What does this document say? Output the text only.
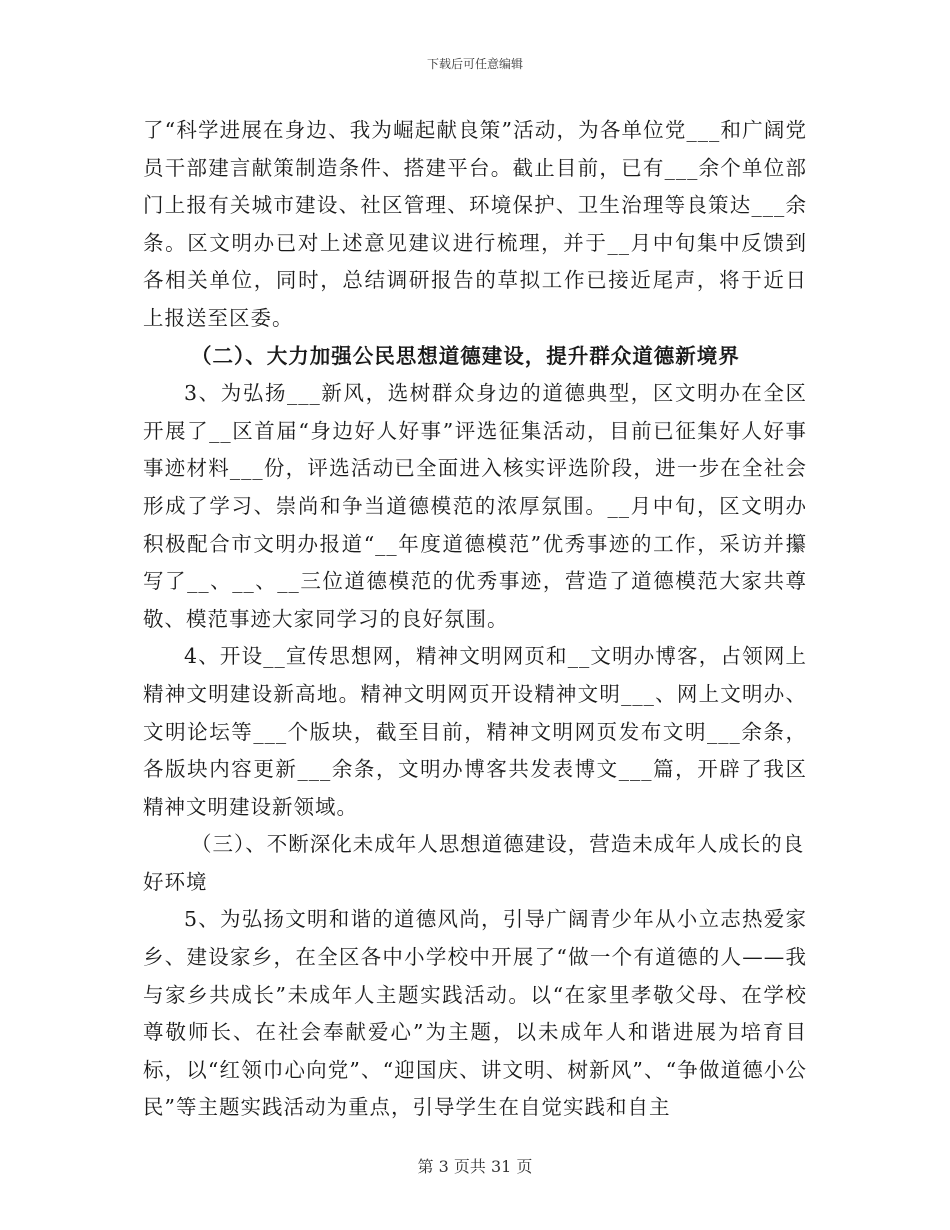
下载后可任意编辑

了“科学进展在身边、我为崛起献良策”活动，为各单位党___和广阔党员干部建言献策制造条件、搭建平台。截止目前，已有___余个单位部门上报有关城市建设、社区管理、环境保护、卫生治理等良策达___余条。区文明办已对上述意见建议进行梳理，并于__月中旬集中反馈到各相关单位，同时，总结调研报告的草拟工作已接近尾声，将于近日上报送至区委。

（二）、大力加强公民思想道德建设，提升群众道德新境界

3、为弘扬___新风，选树群众身边的道德典型，区文明办在全区开展了__区首届“身边好人好事”评选征集活动，目前已征集好人好事事迹材料___份，评选活动已全面进入核实评选阶段，进一步在全社会形成了学习、崇尚和争当道德模范的浓厚氛围。__月中旬，区文明办积极配合市文明办报道“__年度道德模范”优秀事迹的工作，采访并攥写了__、__、__三位道德模范的优秀事迹，营造了道德模范大家共尊敬、模范事迹大家同学习的良好氛围。

4、开设__宣传思想网，精神文明网页和__文明办博客，占领网上精神文明建设新高地。精神文明网页开设精神文明___、网上文明办、文明论坛等___个版块，截至目前，精神文明网页发布文明___余条，各版块内容更新___余条，文明办博客共发表博文___篇，开辟了我区精神文明建设新领域。

（三）、不断深化未成年人思想道德建设，营造未成年人成长的良好环境

5、为弘扬文明和谐的道德风尚，引导广阔青少年从小立志热爱家乡、建设家乡，在全区各中小学校中开展了“做一个有道德的人——我与家乡共成长”未成年人主题实践活动。以“在家里孝敬父母、在学校尊敬师长、在社会奉献爱心”为主题，以未成年人和谐进展为培育目标，以“红领巾心向党”、“迎国庆、讲文明、树新风”、“争做道德小公民”等主题实践活动为重点，引导学生在自觉实践和自主

第 3 页共 31 页
